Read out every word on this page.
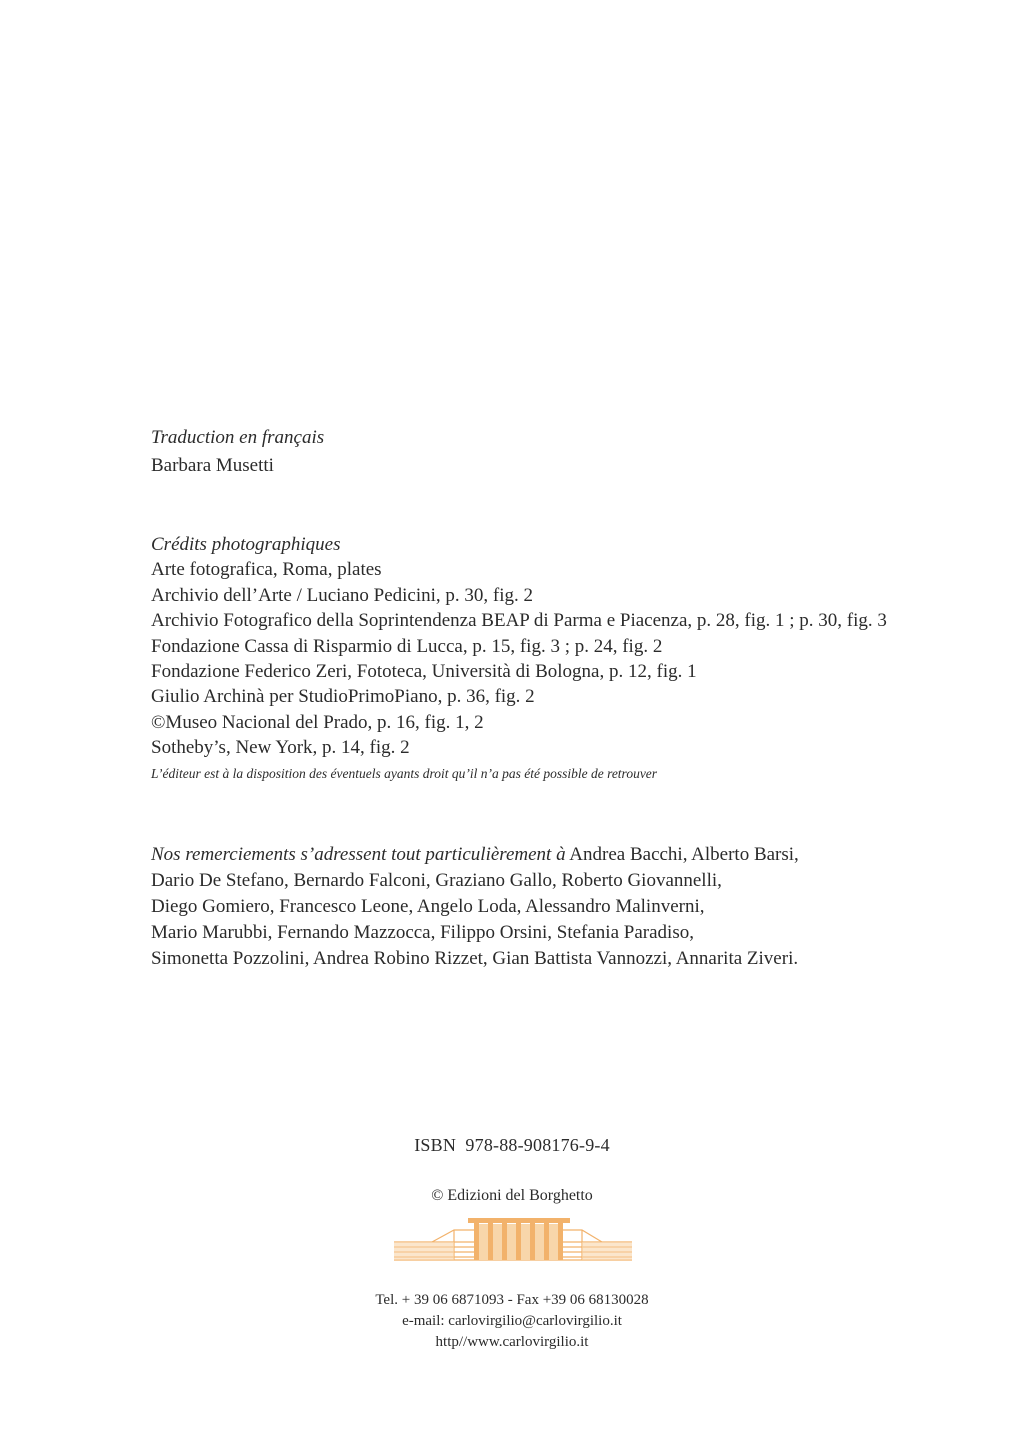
Traduction en français
Barbara Musetti
Crédits photographiques
Arte fotografica, Roma, plates
Archivio dell’Arte / Luciano Pedicini, p. 30, fig. 2
Archivio Fotografico della Soprintendenza BEAP di Parma e Piacenza, p. 28, fig. 1 ; p. 30, fig. 3
Fondazione Cassa di Risparmio di Lucca, p. 15, fig. 3 ; p. 24, fig. 2
Fondazione Federico Zeri, Fototeca, Università di Bologna, p. 12, fig. 1
Giulio Archinà per StudioPrimoPiano, p. 36, fig. 2
©Museo Nacional del Prado, p. 16, fig. 1, 2
Sotheby’s, New York, p. 14, fig. 2
L’éditeur est à la disposition des éventuels ayants droit qu’il n’a pas été possible de retrouver
Nos remerciements s’adressent tout particulièrement à Andrea Bacchi, Alberto Barsi,
Dario De Stefano, Bernardo Falconi, Graziano Gallo, Roberto Giovannelli,
Diego Gomiero, Francesco Leone, Angelo Loda, Alessandro Malinverni,
Mario Marubbi, Fernando Mazzocca, Filippo Orsini, Stefania Paradiso,
Simonetta Pozzolini, Andrea Robino Rizzet, Gian Battista Vannozzi, Annarita Ziveri.
ISBN  978-88-908176-9-4
© Edizioni del Borghetto
Tel. + 39 06 6871093 - Fax +39 06 68130028
e-mail: carlovirgilio@carlovirgilio.it
http//www.carlovirgilio.it
